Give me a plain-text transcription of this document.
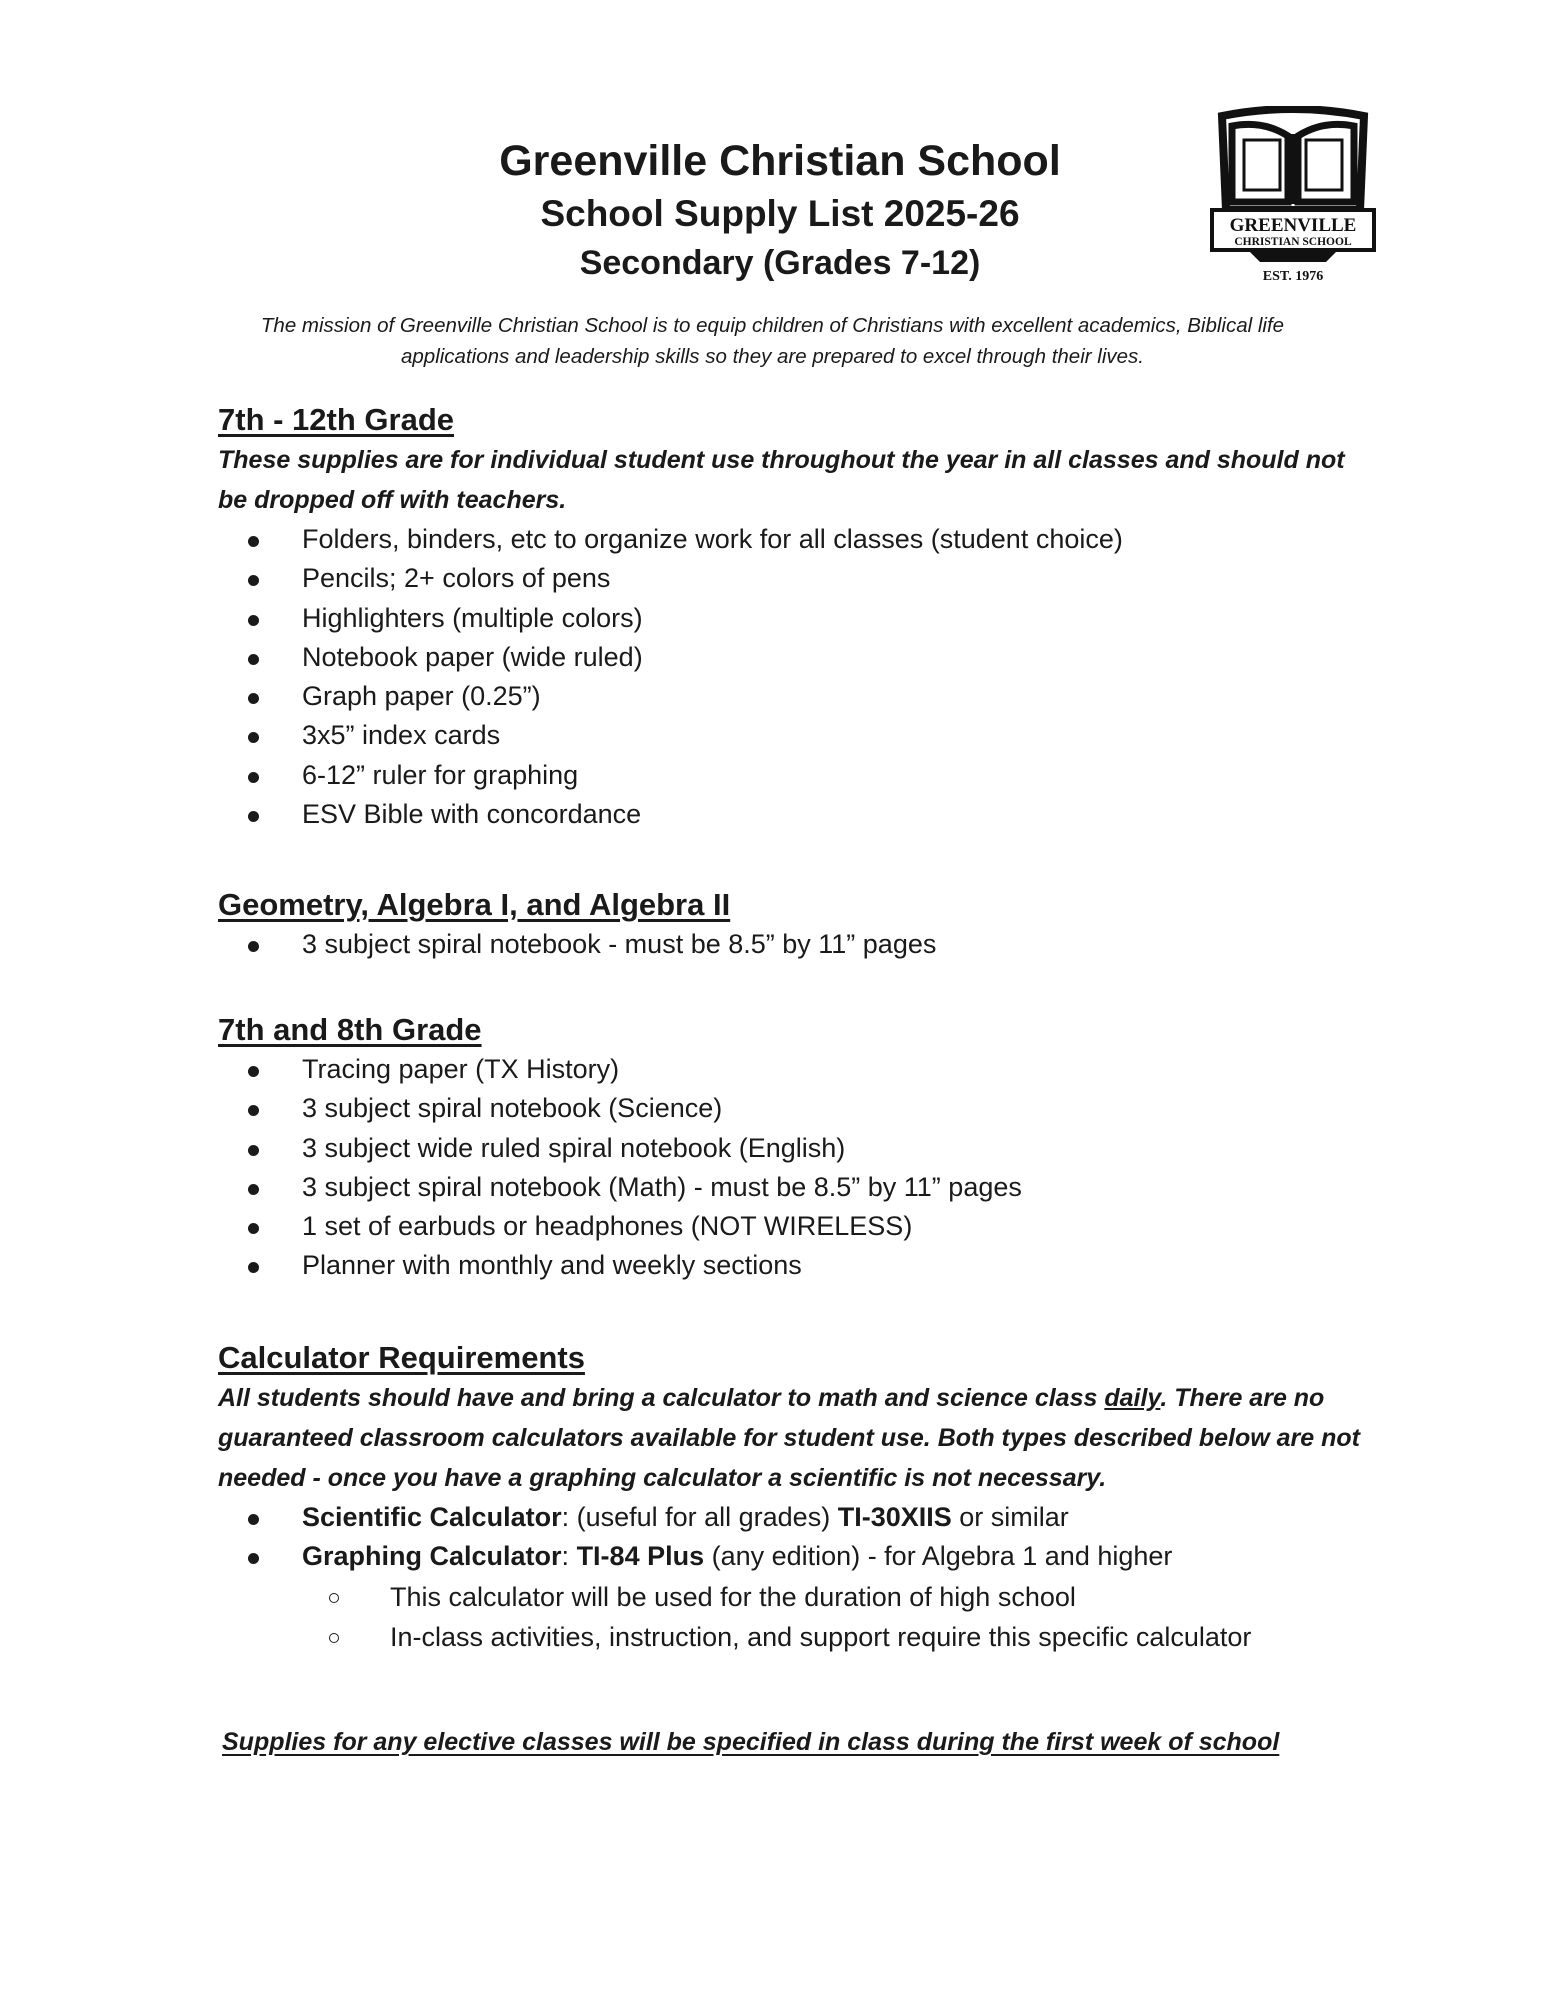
Greenville Christian School
School Supply List 2025-26
Secondary (Grades 7-12)
GREENVILLE
CHRISTIAN SCHOOL
EST. 1976
The mission of Greenville Christian School is to equip children of Christians with excellent academics, Biblical life applications and leadership skills so they are prepared to excel through their lives.
7th - 12th Grade

These supplies are for individual student use throughout the year in all classes and should not be dropped off with teachers.

Folders, binders, etc to organize work for all classes (student choice)
Pencils; 2+ colors of pens
Highlighters (multiple colors)
Notebook paper (wide ruled)
Graph paper (0.25”)
3x5” index cards
6-12” ruler for graphing
ESV Bible with concordance
Geometry, Algebra I, and Algebra II
3 subject spiral notebook - must be 8.5” by 11” pages
7th and 8th Grade
Tracing paper (TX History)
3 subject spiral notebook (Science)
3 subject wide ruled spiral notebook (English)
3 subject spiral notebook (Math) - must be 8.5” by 11” pages
1 set of earbuds or headphones (NOT WIRELESS)
Planner with monthly and weekly sections
Calculator Requirements

All students should have and bring a calculator to math and science class daily. There are no guaranteed classroom calculators available for student use. Both types described below are not needed - once you have a graphing calculator a scientific is not necessary.

Scientific Calculator: (useful for all grades) TI-30XIIS or similar
Graphing Calculator: TI-84 Plus (any edition) - for Algebra 1 and higher
This calculator will be used for the duration of high school
In-class activities, instruction, and support require this specific calculator
Supplies for any elective classes will be specified in class during the first week of school
